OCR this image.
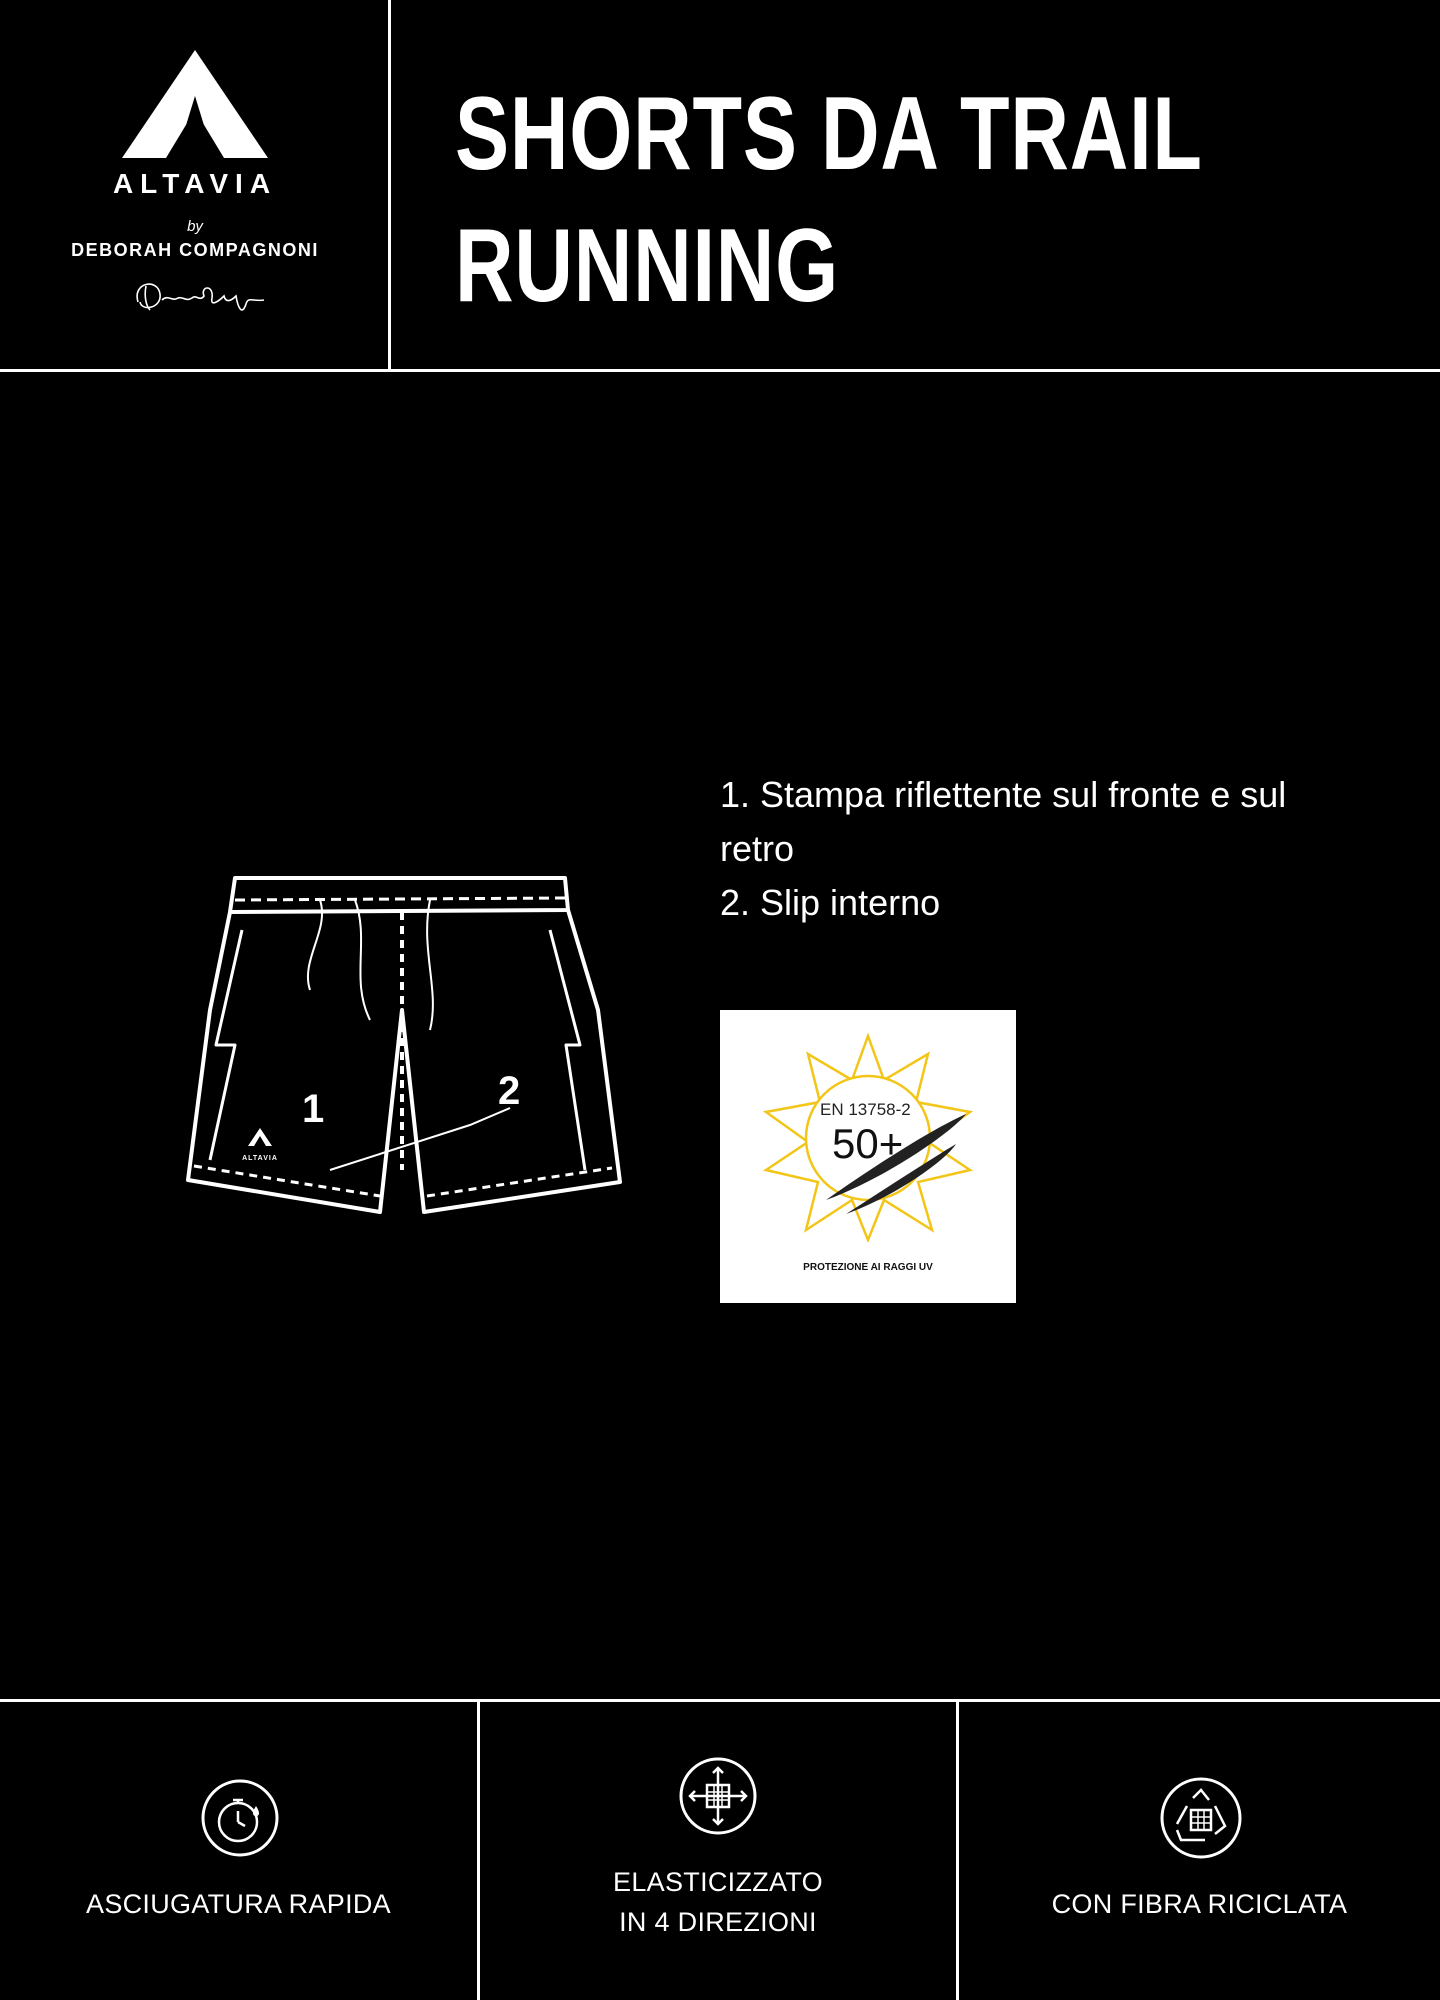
ALTAVIA
by
DEBORAH COMPAGNONI
SHORTS DA TRAIL
RUNNING
ALTAVIA
1	2

1. Stampa riflettente sul fronte e sul retro

2. Slip interno

EN 13758-2
50+
PROTEZIONE AI RAGGI UV
ASCIUGATURA RAPIDA
ELASTICIZZATO
IN 4 DIREZIONI
CON FIBRA RICICLATA
